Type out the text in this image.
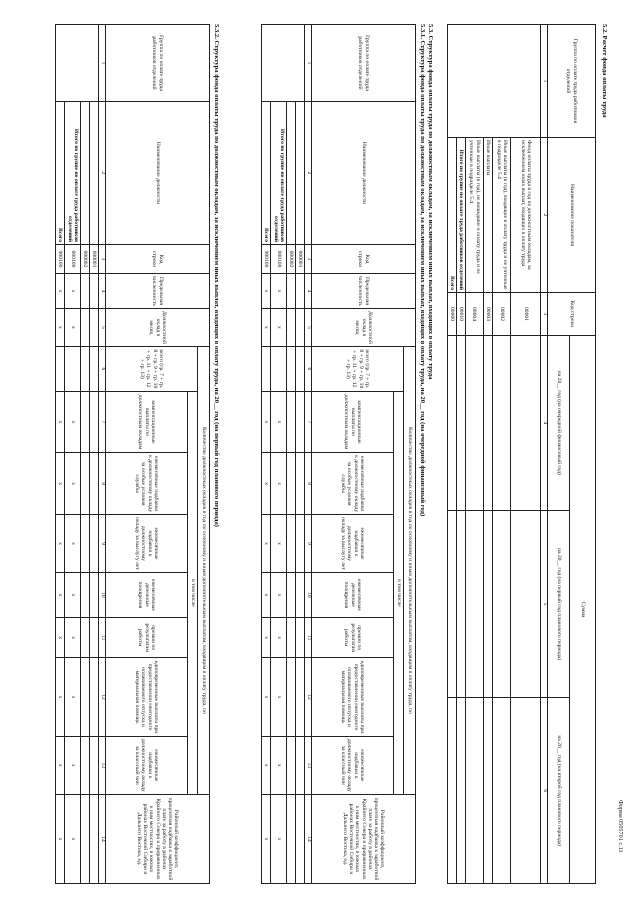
Форма 0505701 с.11
5.2. Расчет фонда оплаты труда
Группа по оплате труда работников отделений	Наименование показателя	Код строки	Сумма		
			на 20__ год (на очередной финансовый год)	на 20__ год (на первый год планового периода)	на 20__ год (на второй год планового периода)
1	2	3	4	5	6
	Фонд оплаты труда в год по должностным окладам, за исключением иных выплат, входящих в оплату труда	00001			
	Иные выплаты (в год), входящие в оплату труда и не учтенные в подразделе 5.4	00002			
	Иные выплаты	00003			
	Иные выплаты (в год), не вошедшие в оплату труда и не учтенные в подразделе 5.4	00004			
	Итого по группе по оплате труда работников отделений	00010			
	Всего	00000			
5.3. Структура фонда оплаты труда по должностным окладам, за исключением иных выплат, входящих в оплату труда
5.3.1. Структура фонда оплаты труда по должностным окладам, за исключением иных выплат, входящих в оплату труда, на 20__ год (на очередной финансовый год)
Группа по оплате труда работников отделений	Наименование должности	Код строки	Предельная численность	Должностной оклад в месяц	Количество должностных окладов в год по основному и иным дополнительным выплатам, входящим в оплату труда, по								Районный коэффициент, процентная надбавка к заработной плате за работу в районах Крайнего Севера и приравненных к ним местностях, в южных районах Восточной Сибири и Дальнего Востока, ед.
					всего (гр. 7 + гр. 8 + гр. 9 + гр. 10 + гр. 11 + гр. 12 + гр. 13)	в том числе							
						компенсационные выплаты по должностным окладам	ежемесячные надбавки к должностному окладу за особые условия службы	ежемесячные надбавки к должностному окладу за выслугу лет	ежемесячные денежные поощрения	премии по результатам работы	единовременные выплаты при предоставлении ежегодного оплачиваемого отпуска и материальная помощь	ежемесячные надбавки к должностному окладу за классный чин	
1	2	3	4	5	6	7	8	9	10	11	12	13	14
		000001											
		000002											
	Итого по группе по оплате труда работников отделений	000100	x	x		x	x	x	x	x	x	x	x
	Всего	900100	x	x		x	x	x	x	x	x	x	x
5.3.2. Структура фонда оплаты труда по должностным окладам, за исключением иных выплат, входящих в оплату труда, на 20__ год (на первый год планового периода)
Группа по оплате труда работников отделений	Наименование должности	Код строки	Предельная численность	Должностной оклад в месяц	Количество должностных окладов в год по основному и иным дополнительным выплатам, входящим в оплату труда, по								Районный коэффициент, процентная надбавка к заработной плате за работу в районах Крайнего Севера и приравненных к ним местностях, в южных районах Восточной Сибири и Дальнего Востока, ед.
					всего (гр. 7 + гр. 8 + гр. 9 + гр. 10 + гр. 11 + гр. 12 + гр. 13)	в том числе							
						компенсационные выплаты по должностным окладам	ежемесячные надбавки к должностному окладу за особые условия службы	ежемесячные надбавки к должностному окладу за выслугу лет	ежемесячные денежные поощрения	премии по результатам работы	единовременные выплаты при предоставлении ежегодного оплачиваемого отпуска и материальная помощь	ежемесячные надбавки к должностному окладу за классный чин	
1	2	3	4	5	6	7	8	9	10	11	12	13	14
		000001											
		000002											
	Итого по группе по оплате труда работников отделений	000100	x	x		x	x	x	x	x	x	x	x
	Всего	900100	x	x		x	x	x	x	x	x	x	x
